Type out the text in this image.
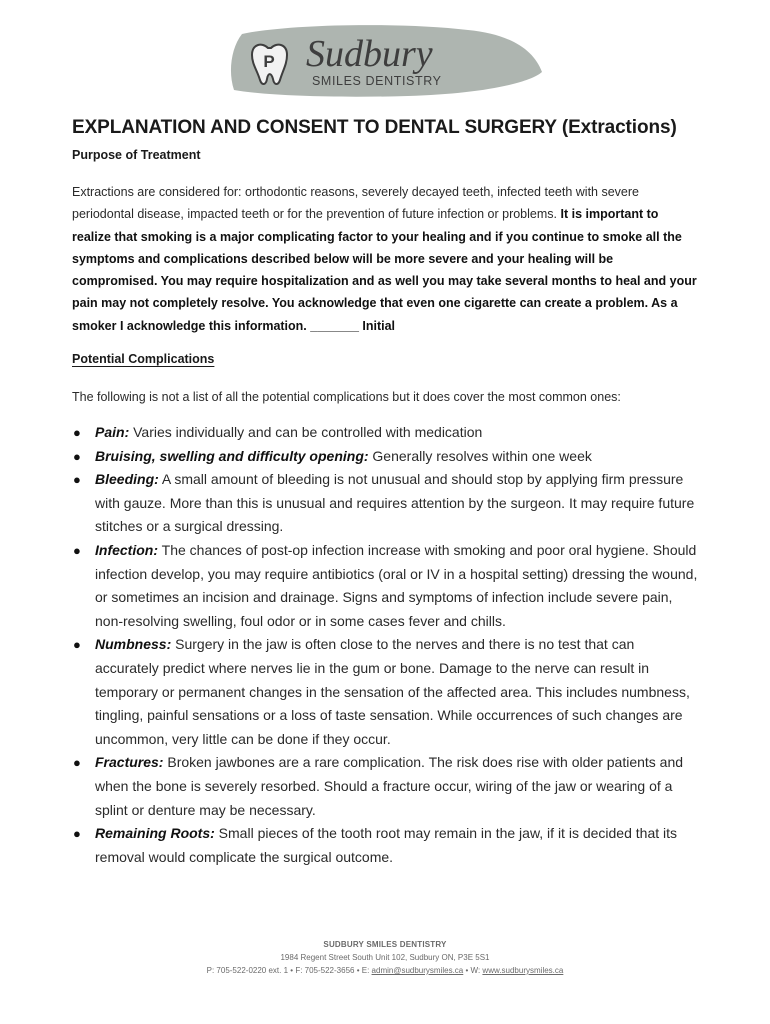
P Sudbury
SMILES DENTISTRY
EXPLANATION AND CONSENT TO DENTAL SURGERY (Extractions)
Purpose of Treatment

Extractions are considered for: orthodontic reasons, severely decayed teeth, infected teeth with severe periodontal disease, impacted teeth or for the prevention of future infection or problems. It is important to realize that smoking is a major complicating factor to your healing and if you continue to smoke all the symptoms and complications described below will be more severe and your healing will be compromised. You may require hospitalization and as well you may take several months to heal and your pain may not completely resolve. You acknowledge that even one cigarette can create a problem. As a smoker I acknowledge this information. _______ Initial

Potential Complications

The following is not a list of all the potential complications but it does cover the most common ones:

● Pain: Varies individually and can be controlled with medication
● Bruising, swelling and difficulty opening: Generally resolves within one week
● Bleeding: A small amount of bleeding is not unusual and should stop by applying firm pressure with gauze. More than this is unusual and requires attention by the surgeon. It may require future stitches or a surgical dressing.
● Infection: The chances of post-op infection increase with smoking and poor oral hygiene. Should infection develop, you may require antibiotics (oral or IV in a hospital setting) dressing the wound, or sometimes an incision and drainage. Signs and symptoms of infection include severe pain, non-resolving swelling, foul odor or in some cases fever and chills.
● Numbness: Surgery in the jaw is often close to the nerves and there is no test that can accurately predict where nerves lie in the gum or bone. Damage to the nerve can result in temporary or permanent changes in the sensation of the affected area. This includes numbness, tingling, painful sensations or a loss of taste sensation. While occurrences of such changes are uncommon, very little can be done if they occur.
● Fractures: Broken jawbones are a rare complication. The risk does rise with older patients and when the bone is severely resorbed. Should a fracture occur, wiring of the jaw or wearing of a splint or denture may be necessary.
● Remaining Roots: Small pieces of the tooth root may remain in the jaw, if it is decided that its removal would complicate the surgical outcome.
SUDBURY SMILES DENTISTRY
1984 Regent Street South Unit 102, Sudbury ON, P3E 5S1
P: 705-522-0220 ext. 1 • F: 705-522-3656 • E: admin@sudburysmiles.ca • W: www.sudburysmiles.ca
